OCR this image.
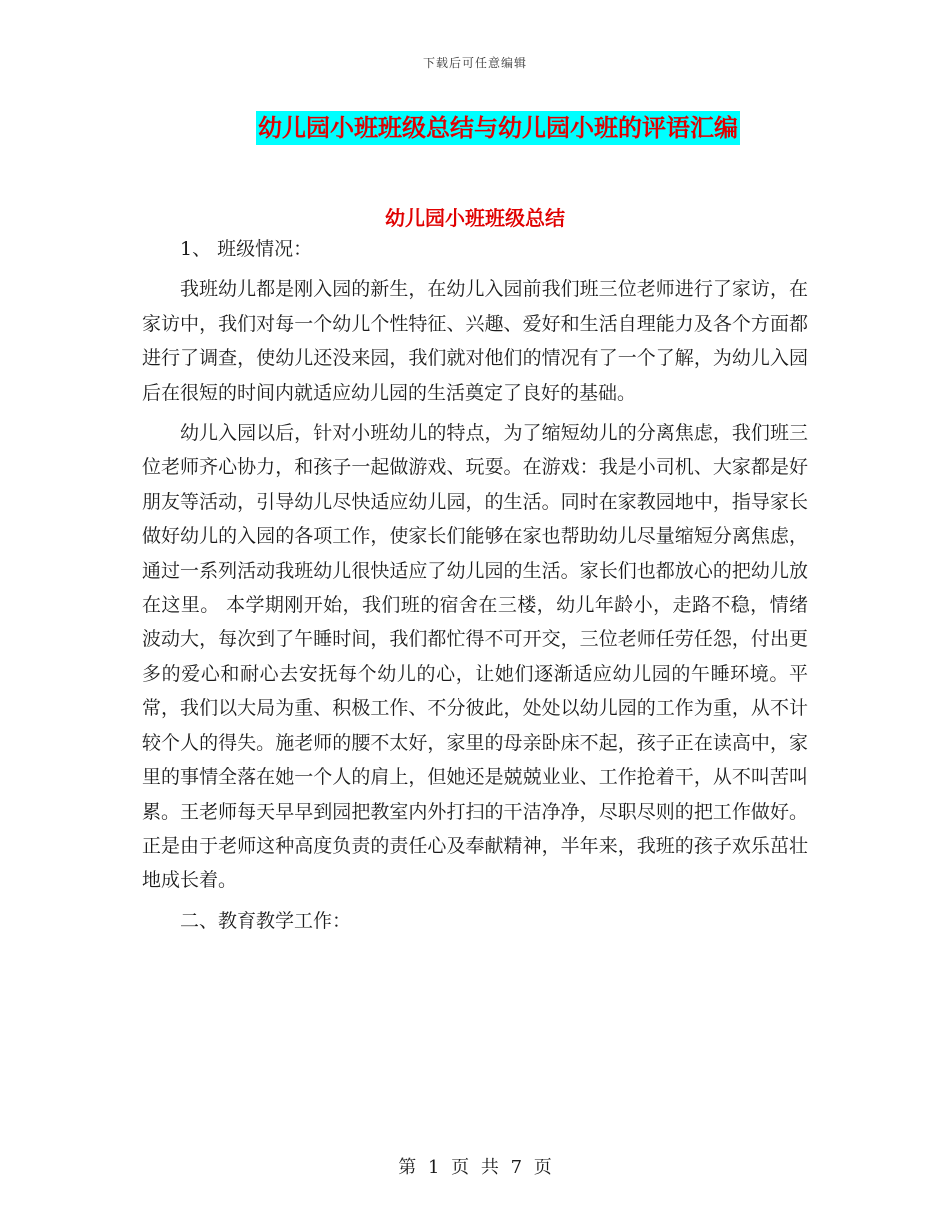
下载后可任意编辑
幼儿园小班班级总结与幼儿园小班的评语汇编
幼儿园小班班级总结

1、 班级情况：

我班幼儿都是刚入园的新生，在幼儿入园前我们班三位老师进行了家访，在家访中，我们对每一个幼儿个性特征、兴趣、爱好和生活自理能力及各个方面都进行了调查，使幼儿还没来园，我们就对他们的情况有了一个了解，为幼儿入园后在很短的时间内就适应幼儿园的生活奠定了良好的基础。

幼儿入园以后，针对小班幼儿的特点，为了缩短幼儿的分离焦虑，我们班三位老师齐心协力，和孩子一起做游戏、玩耍。在游戏：我是小司机、大家都是好朋友等活动，引导幼儿尽快适应幼儿园，的生活。同时在家教园地中，指导家长做好幼儿的入园的各项工作，使家长们能够在家也帮助幼儿尽量缩短分离焦虑，通过一系列活动我班幼儿很快适应了幼儿园的生活。家长们也都放心的把幼儿放在这里。 本学期刚开始，我们班的宿舍在三楼，幼儿年龄小，走路不稳，情绪波动大，每次到了午睡时间，我们都忙得不可开交，三位老师任劳任怨，付出更多的爱心和耐心去安抚每个幼儿的心，让她们逐渐适应幼儿园的午睡环境。平常，我们以大局为重、积极工作、不分彼此，处处以幼儿园的工作为重，从不计较个人的得失。施老师的腰不太好，家里的母亲卧床不起，孩子正在读高中，家里的事情全落在她一个人的肩上，但她还是兢兢业业、工作抢着干，从不叫苦叫累。王老师每天早早到园把教室内外打扫的干洁净净，尽职尽则的把工作做好。正是由于老师这种高度负责的责任心及奉献精神，半年来，我班的孩子欢乐茁壮地成长着。

二、教育教学工作：

第 1 页 共 7 页
